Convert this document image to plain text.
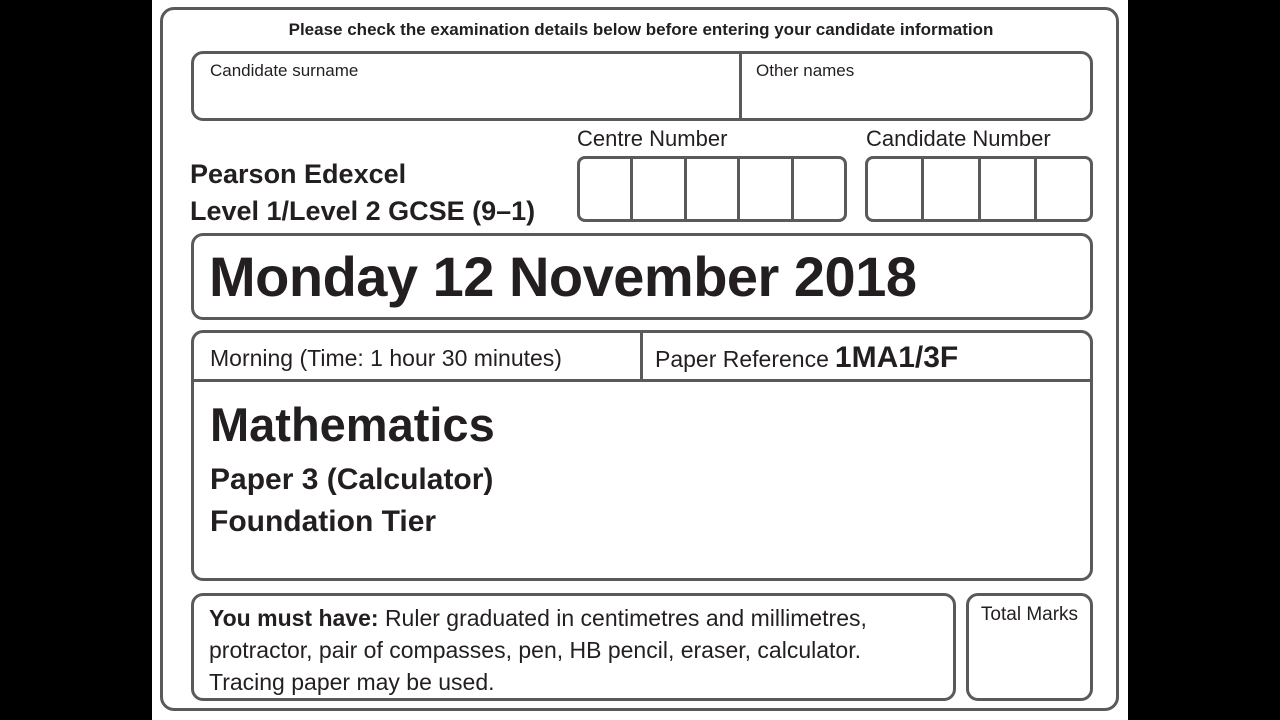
Please check the examination details below before entering your candidate information
Candidate surname	Other names
Pearson Edexcel
Level 1/Level 2 GCSE (9–1)
Centre Number	Candidate Number
Monday 12 November 2018
Morning (Time: 1 hour 30 minutes)	Paper Reference 1MA1/3F
Mathematics
Paper 3 (Calculator)
Foundation Tier
You must have: Ruler graduated in centimetres and millimetres,
protractor, pair of compasses, pen, HB pencil, eraser, calculator.
Tracing paper may be used.
Total Marks
